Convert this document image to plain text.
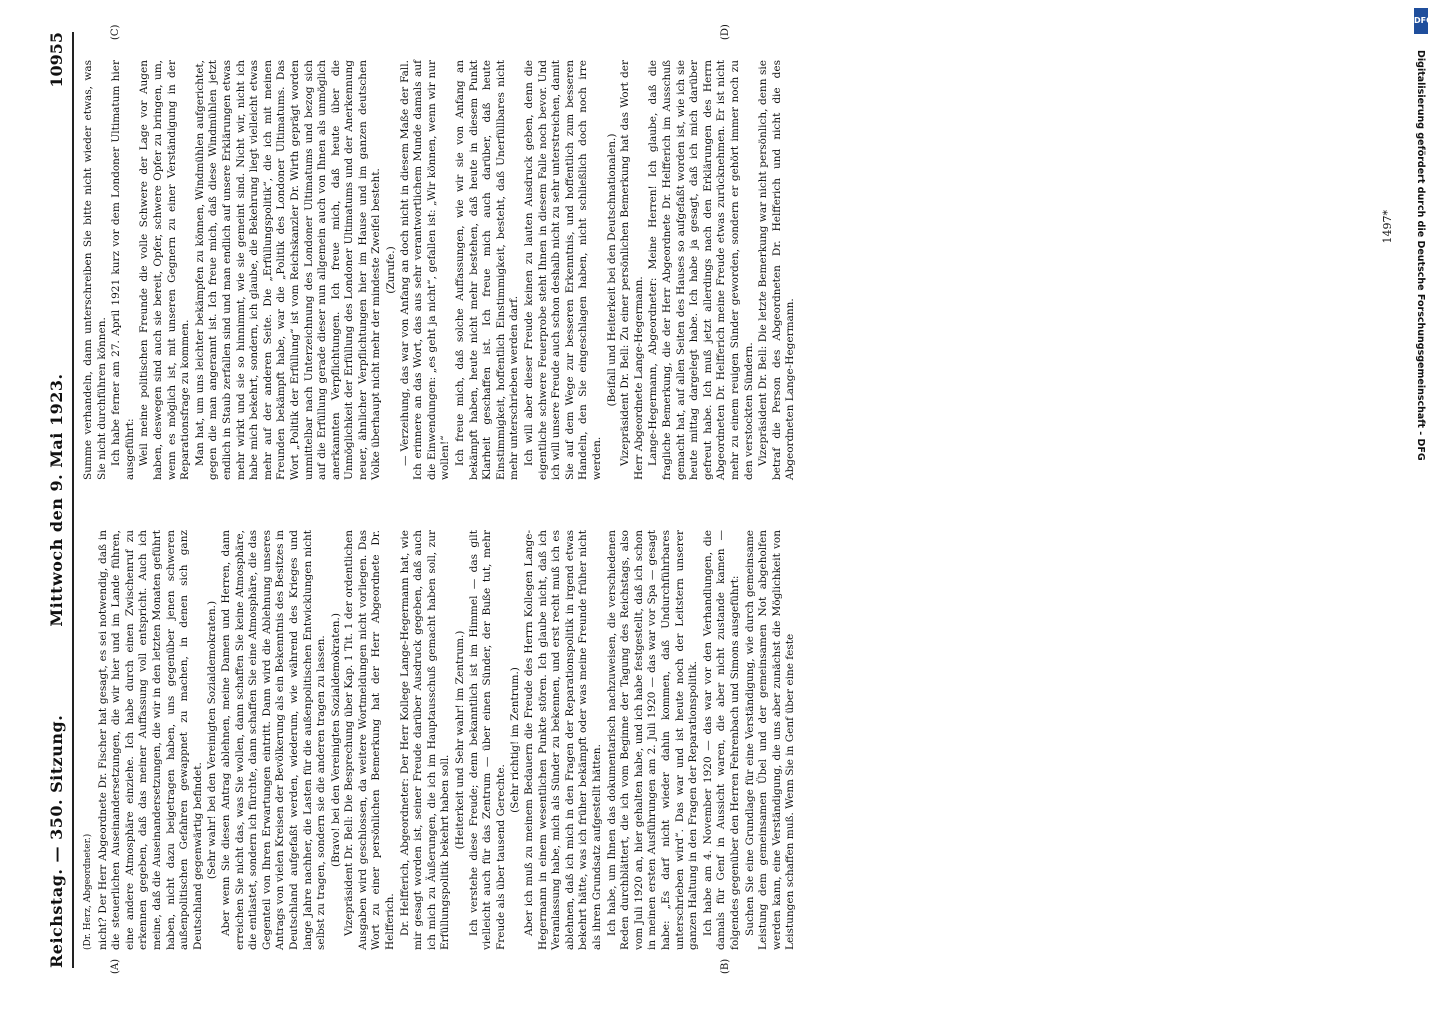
Reichstag. — 350. Sitzung.
Mittwoch den 9. Mai 1923.
10955
(A)	(B)
(C)	(D)

(Dr. Herz, Abgeordneter.) nicht? Der Herr Abgeordnete Dr. Fischer hat gesagt, es sei notwendig, daß in die steuerlichen Auseinandersetzungen, die wir hier und im Lande führen, eine andere Atmosphäre einziehe. Ich habe durch einen Zwischenruf zu erkennen gegeben, daß das meiner Auffassung voll entspricht. Auch ich meine, daß die Auseinandersetzungen, die wir in den letzten Monaten geführt haben, nicht dazu beigetragen haben, uns gegenüber jenen schweren außenpolitischen Gefahren gewappnet zu machen, in denen sich ganz Deutschland gegenwärtig befindet. (Sehr wahr! bei den Vereinigten Sozialdemokraten.) Aber wenn Sie diesen Antrag ablehnen, meine Damen und Herren, dann erreichen Sie nicht das, was Sie wollen, dann schaffen Sie keine Atmosphäre, die entlastet, sondern ich fürchte, dann schaffen Sie eine Atmosphäre, die das Gegenteil von Ihren Erwartungen eintritt. Dann wird die Ablehnung unseres Antrags von vielen Kreisen der Bevölkerung als ein Bekenntnis des Besitzes in Deutschland aufgefaßt werden, wiederum, wie während des Krieges und lange Jahre nachher, die Lasten für die außenpolitischen Entwicklungen nicht selbst zu tragen, sondern sie die anderen tragen zu lassen. (Bravo! bei den Vereinigten Sozialdemokraten.) Vizepräsident Dr. Bell: Die Besprechung über Kap. 1 Tit. 1 der ordentlichen Ausgaben wird geschlossen, da weitere Wortmeldungen nicht vorliegen. Das Wort zu einer persönlichen Bemerkung hat der Herr Abgeordnete Dr. Helfferich. Dr. Helfferich, Abgeordneter: Der Herr Kollege Lange-Hegermann hat, wie mir gesagt worden ist, seiner Freude darüber Ausdruck gegeben, daß auch ich mich zu Äußerungen, die ich im Hauptausschuß gemacht haben soll, zur Erfüllungspolitik bekehrt haben soll.

(Heiterkeit und Sehr wahr! im Zentrum.) Ich verstehe diese Freude; denn bekanntlich ist im Himmel — das gilt vielleicht auch für das Zentrum — über einen Sünder, der Buße tut, mehr Freude als über tausend Gerechte.

(Sehr richtig! im Zentrum.) Aber ich muß zu meinem Bedauern die Freude des Herrn Kollegen Lange-Hegermann in einem wesentlichen Punkte stören. Ich glaube nicht, daß ich Veranlassung habe, mich als Sünder zu bekennen, und erst recht muß ich es ablehnen, daß ich mich in den Fragen der Reparationspolitik in irgend etwas bekehrt hätte, was ich früher bekämpft oder was meine Freunde früher nicht als ihren Grundsatz aufgestellt hätten. Ich habe, um Ihnen das dokumentarisch nachzuweisen, die verschiedenen Reden durchblättert, die ich vom Beginne der Tagung des Reichstags, also vom Juli 1920 an, hier gehalten habe, und ich habe festgestellt, daß ich schon in meinen ersten Ausführungen am 2. Juli 1920 — das war vor Spa — gesagt habe: „Es darf nicht wieder dahin kommen, daß Undurchführbares unterschrieben wird“. Das war und ist heute noch der Leitstern unserer ganzen Haltung in den Fragen der Reparationspolitik. Ich habe am 4. November 1920 — das war vor den Verhandlungen, die damals für Genf in Aussicht waren, die aber nicht zustande kamen — folgendes gegenüber den Herren Fehrenbach und Simons ausgeführt: Suchen Sie eine Grundlage für eine Verständigung, wie durch gemeinsame Leistung dem gemeinsamen Übel und der gemeinsamen Not abgeholfen werden kann, eine Verständigung, die uns aber zunächst die Möglichkeit von Leistungen schaffen muß. Wenn Sie in Genf über eine feste

Summe verhandeln, dann unterschreiben Sie bitte nicht wieder etwas, was Sie nicht durchführen können. Ich habe ferner am 27. April 1921 kurz vor dem Londoner Ultimatum hier ausgeführt: Weil meine politischen Freunde die volle Schwere der Lage vor Augen haben, deswegen sind auch sie bereit, Opfer, schwere Opfer zu bringen, um, wenn es möglich ist, mit unseren Gegnern zu einer Verständigung in der Reparationsfrage zu kommen. Man hat, um uns leichter bekämpfen zu können, Windmühlen aufgerichtet, gegen die man angerannt ist. Ich freue mich, daß diese Windmühlen jetzt endlich in Staub zerfallen sind und man endlich auf unsere Erklärungen etwas mehr wirkt und sie so hinnimmt, wie sie gemeint sind. Nicht wir, nicht ich habe mich bekehrt, sondern, ich glaube, die Bekehrung liegt vielleicht etwas mehr auf der anderen Seite. Die „Erfüllungspolitik“, die ich mit meinen Freunden bekämpft habe, war die „Politik des Londoner Ultimatums. Das Wort „Politik der Erfüllung“ ist vom Reichskanzler Dr. Wirth geprägt worden unmittelbar nach Unterzeichnung des Londoner Ultimatums und bezog sich auf die Erfüllung gerade dieser nun allgemein auch von Ihnen als unmöglich anerkannten Verpflichtungen. Ich freue mich, daß heute über die Unmöglichkeit der Erfüllung des Londoner Ultimatums und der Anerkennung neuer, ähnlicher Verpflichtungen hier im Hause und im ganzen deutschen Volke überhaupt nicht mehr der mindeste Zweifel besteht. (Zurufe.) — Verzeihung, das war von Anfang an doch nicht in diesem Maße der Fall. Ich erinnere an das Wort, das aus sehr verantwortlichem Munde damals auf die Einwendungen: „es geht ja nicht“, gefallen ist: „Wir können, wenn wir nur wollen!“ Ich freue mich, daß solche Auffassungen, wie wir sie von Anfang an bekämpft haben, heute nicht mehr bestehen, daß heute in diesem Punkt Klarheit geschaffen ist. Ich freue mich auch darüber, daß heute Einstimmigkeit, hoffentlich Einstimmigkeit, besteht, daß Unerfüllbares nicht mehr unterschrieben werden darf. Ich will aber dieser Freude keinen zu lauten Ausdruck geben, denn die eigentliche schwere Feuerprobe steht Ihnen in diesem Falle noch bevor. Und ich will unsere Freude auch schon deshalb nicht zu sehr unterstreichen, damit Sie auf dem Wege zur besseren Erkenntnis, und hoffentlich zum besseren Handeln, den Sie eingeschlagen haben, nicht schließlich doch noch irre werden.

(Beifall und Heiterkeit bei den Deutschnationalen.) Vizepräsident Dr. Bell: Zu einer persönlichen Bemerkung hat das Wort der Herr Abgeordnete Lange-Hegermann. Lange-Hegermann, Abgeordneter: Meine Herren! Ich glaube, daß die fragliche Bemerkung, die der Herr Abgeordnete Dr. Helfferich im Ausschuß gemacht hat, auf allen Seiten des Hauses so aufgefaßt worden ist, wie ich sie heute mittag dargelegt habe. Ich habe ja gesagt, daß ich mich darüber gefreut habe. Ich muß jetzt allerdings nach den Erklärungen des Herrn Abgeordneten Dr. Helfferich meine Freude etwas zurücknehmen. Er ist nicht mehr zu einem reuigen Sünder geworden, sondern er gehört immer noch zu den verstockten Sündern. Vizepräsident Dr. Bell: Die letzte Bemerkung war nicht persönlich, denn sie betraf die Person des Abgeordneten Dr. Helfferich und nicht die des Abgeordneten Lange-Hegermann.

1497*
DFG
Digitalisierung gefördert durch die Deutsche Forschungsgemeinschaft - DFG
